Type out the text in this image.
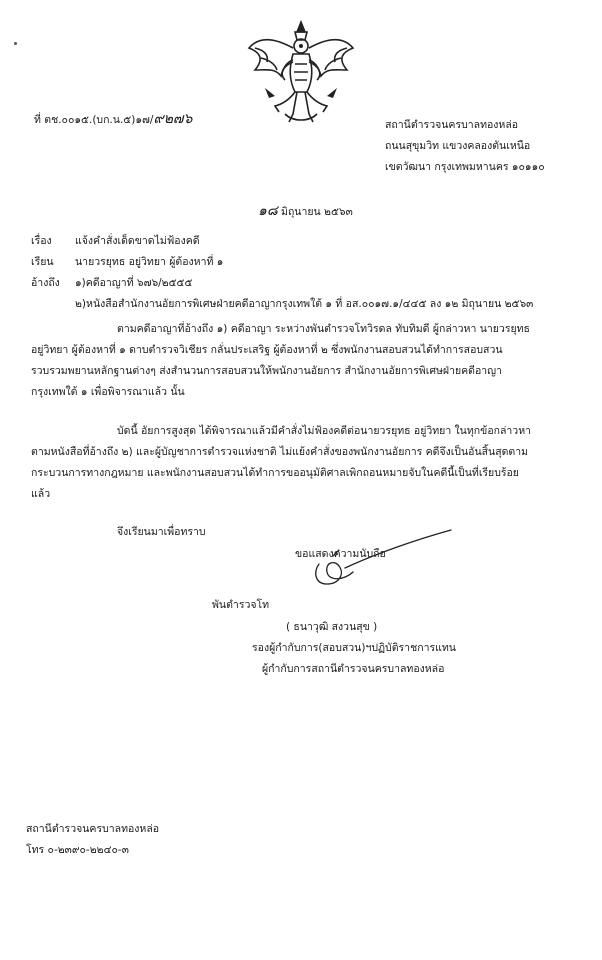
ที่ ตช.๐๐๑๕.(บก.น.๕)๑๗/๙๒๗๖	สถานีตำรวจนครบาลทองหล่อ
ถนนสุขุมวิท แขวงคลองตันเหนือ
เขตวัฒนา กรุงเทพมหานคร ๑๐๑๑๐
๑๘ มิถุนายน ๒๕๖๓
เรื่อง แจ้งคำสั่งเด็ดขาดไม่ฟ้องคดี
เรียน นายวรยุทธ อยู่วิทยา ผู้ต้องหาที่ ๑
อ้างถึง ๑)คดีอาญาที่ ๖๗๖/๒๕๕๕
๒)หนังสือสำนักงานอัยการพิเศษฝ่ายคดีอาญากรุงเทพใต้ ๑ ที่ อส.๐๐๑๗.๑/๔๔๕ ลง ๑๒ มิถุนายน ๒๕๖๓
ตามคดีอาญาที่อ้างถึง ๑) คดีอาญา ระหว่างพันตำรวจโทวิรดล ทับทิมดี ผู้กล่าวหา นายวรยุทธ
อยู่วิทยา ผู้ต้องหาที่ ๑ ดาบตำรวจวิเชียร กลั่นประเสริฐ ผู้ต้องหาที่ ๒ ซึ่งพนักงานสอบสวนได้ทำการสอบสวน
รวบรวมพยานหลักฐานต่างๆ ส่งสำนวนการสอบสวนให้พนักงานอัยการ สำนักงานอัยการพิเศษฝ่ายคดีอาญา
กรุงเทพใต้ ๑ เพื่อพิจารณาแล้ว นั้น
บัดนี้ อัยการสูงสุด ได้พิจารณาแล้วมีคำสั่งไม่ฟ้องคดีต่อนายวรยุทธ อยู่วิทยา ในทุกข้อกล่าวหา
ตามหนังสือที่อ้างถึง ๒) และผู้บัญชาการตำรวจแห่งชาติ ไม่แย้งคำสั่งของพนักงานอัยการ คดีจึงเป็นอันสิ้นสุดตาม
กระบวนการทางกฎหมาย และพนักงานสอบสวนได้ทำการขออนุมัติศาลเพิกถอนหมายจับในคดีนี้เป็นที่เรียบร้อย
แล้ว
จึงเรียนมาเพื่อทราบ
ขอแสดงความนับถือ
พันตำรวจโท
( ธนาวุฒิ สงวนสุข )
รองผู้กำกับการ(สอบสวน)ฯปฏิบัติราชการแทน
ผู้กำกับการสถานีตำรวจนครบาลทองหล่อ
สถานีตำรวจนครบาลทองหล่อ
โทร ๐-๒๓๙๐-๒๒๔๐-๓
